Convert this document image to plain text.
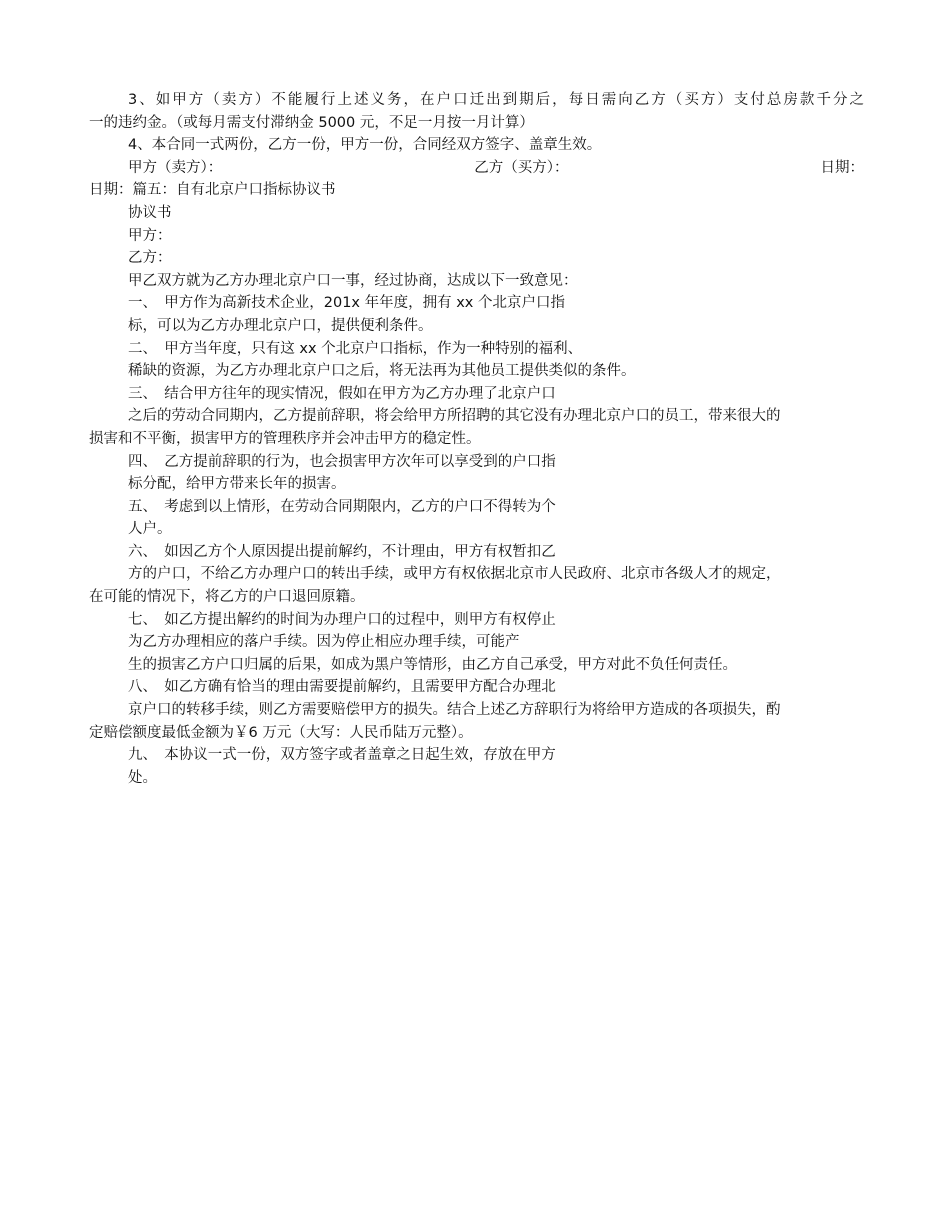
3、如甲方（卖方）不能履行上述义务，在户口迁出到期后，每日需向乙方（买方）支付总房款千分之
一的违约金。（或每月需支付滞纳金 5000 元，不足一月按一月计算）
4、本合同一式两份，乙方一份，甲方一份，合同经双方签字、盖章生效。
甲方（卖方）：	乙方（买方）：	日期：
日期：篇五：自有北京户口指标协议书
协议书
甲方：
乙方：
甲乙双方就为乙方办理北京户口一事，经过协商，达成以下一致意见：
一、　甲方作为高新技术企业，201x 年年度，拥有 xx 个北京户口指
标，可以为乙方办理北京户口，提供便利条件。
二、　甲方当年度，只有这 xx 个北京户口指标，作为一种特别的福利、
稀缺的资源，为乙方办理北京户口之后，将无法再为其他员工提供类似的条件。
三、　结合甲方往年的现实情况，假如在甲方为乙方办理了北京户口
之后的劳动合同期内，乙方提前辞职，将会给甲方所招聘的其它没有办理北京户口的员工，带来很大的
损害和不平衡，损害甲方的管理秩序并会冲击甲方的稳定性。
四、　乙方提前辞职的行为，也会损害甲方次年可以享受到的户口指
标分配，给甲方带来长年的损害。
五、　考虑到以上情形，在劳动合同期限内，乙方的户口不得转为个
人户。
六、　如因乙方个人原因提出提前解约，不计理由，甲方有权暂扣乙
方的户口，不给乙方办理户口的转出手续，或甲方有权依据北京市人民政府、北京市各级人才的规定，
在可能的情况下，将乙方的户口退回原籍。
七、　如乙方提出解约的时间为办理户口的过程中，则甲方有权停止
为乙方办理相应的落户手续。因为停止相应办理手续，可能产
生的损害乙方户口归属的后果，如成为黑户等情形，由乙方自己承受，甲方对此不负任何责任。
八、　如乙方确有恰当的理由需要提前解约，且需要甲方配合办理北
京户口的转移手续，则乙方需要赔偿甲方的损失。结合上述乙方辞职行为将给甲方造成的各项损失，酌
定赔偿额度最低金额为￥6 万元（大写：人民币陆万元整）。
九、　本协议一式一份，双方签字或者盖章之日起生效，存放在甲方
处。
